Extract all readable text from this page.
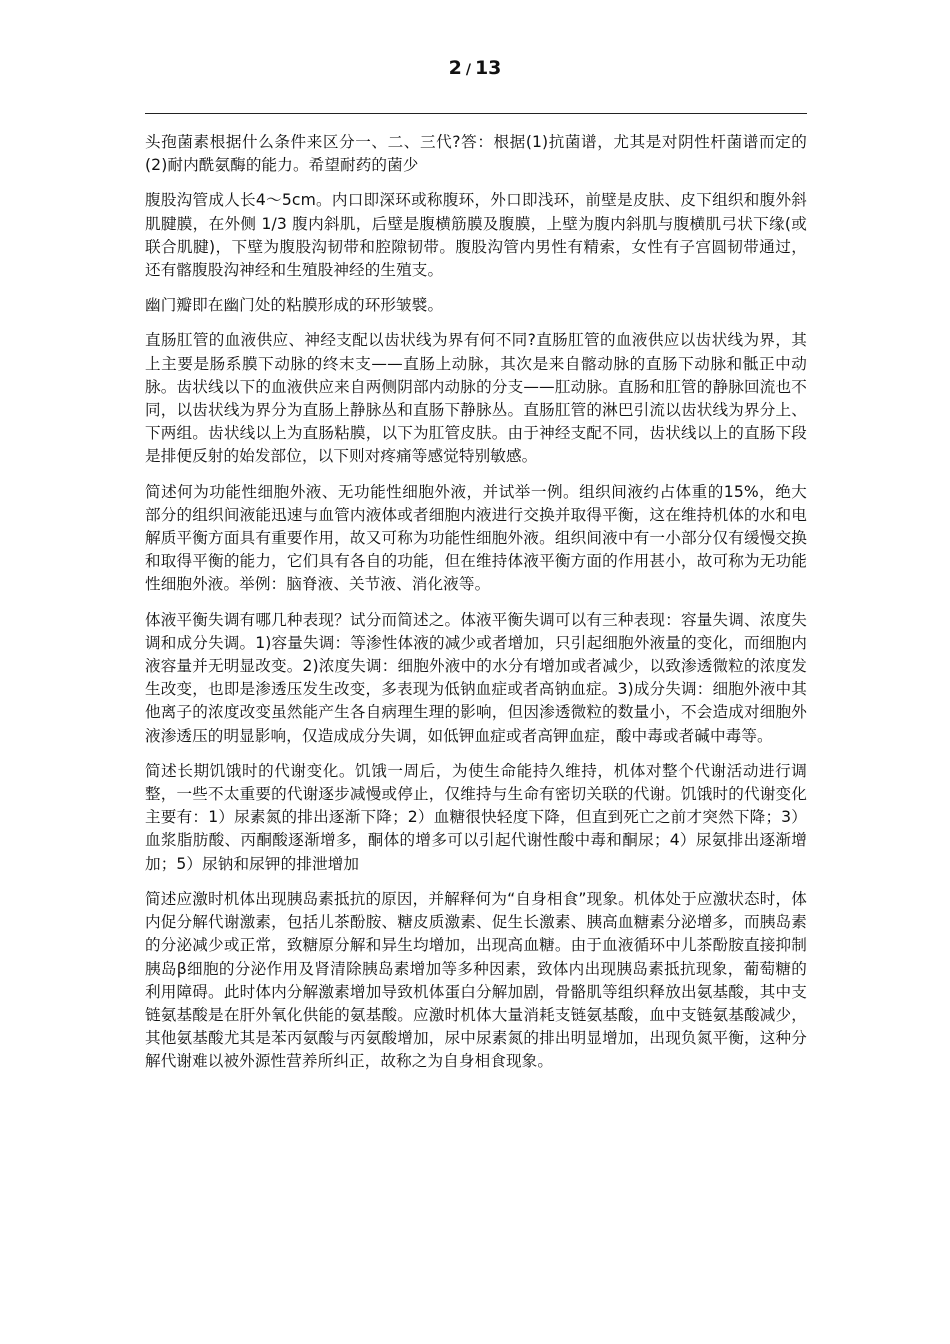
2 / 13

头孢菌素根据什么条件来区分一、二、三代?答：根据(1)抗菌谱，尤其是对阴性杆菌谱而定的(2)耐内酰氨酶的能力。希望耐药的菌少

腹股沟管成人长4～5cm。内口即深环或称腹环，外口即浅环，前壁是皮肤、皮下组织和腹外斜肌腱膜，在外侧 1/3 腹内斜肌，后壁是腹横筋膜及腹膜，上壁为腹内斜肌与腹横肌弓状下缘(或联合肌腱)，下壁为腹股沟韧带和腔隙韧带。腹股沟管内男性有精索，女性有子宫圆韧带通过，还有髂腹股沟神经和生殖股神经的生殖支。

幽门瓣即在幽门处的粘膜形成的环形皱襞。

直肠肛管的血液供应、神经支配以齿状线为界有何不同?直肠肛管的血液供应以齿状线为界，其上主要是肠系膜下动脉的终末支——直肠上动脉，其次是来自髂动脉的直肠下动脉和骶正中动脉。齿状线以下的血液供应来自两侧阴部内动脉的分支——肛动脉。直肠和肛管的静脉回流也不同，以齿状线为界分为直肠上静脉丛和直肠下静脉丛。直肠肛管的淋巴引流以齿状线为界分上、下两组。齿状线以上为直肠粘膜，以下为肛管皮肤。由于神经支配不同，齿状线以上的直肠下段是排便反射的始发部位，以下则对疼痛等感觉特别敏感。

简述何为功能性细胞外液、无功能性细胞外液，并试举一例。组织间液约占体重的15%，绝大部分的组织间液能迅速与血管内液体或者细胞内液进行交换并取得平衡，这在维持机体的水和电解质平衡方面具有重要作用，故又可称为功能性细胞外液。组织间液中有一小部分仅有缓慢交换和取得平衡的能力，它们具有各自的功能，但在维持体液平衡方面的作用甚小，故可称为无功能性细胞外液。举例：脑脊液、关节液、消化液等。

体液平衡失调有哪几种表现？试分而简述之。体液平衡失调可以有三种表现：容量失调、浓度失调和成分失调。1)容量失调：等渗性体液的减少或者增加，只引起细胞外液量的变化，而细胞内液容量并无明显改变。2)浓度失调：细胞外液中的水分有增加或者减少，以致渗透微粒的浓度发生改变，也即是渗透压发生改变，多表现为低钠血症或者高钠血症。3)成分失调：细胞外液中其他离子的浓度改变虽然能产生各自病理生理的影响，但因渗透微粒的数量小，不会造成对细胞外液渗透压的明显影响，仅造成成分失调，如低钾血症或者高钾血症，酸中毒或者碱中毒等。

简述长期饥饿时的代谢变化。饥饿一周后，为使生命能持久维持，机体对整个代谢活动进行调整，一些不太重要的代谢逐步减慢或停止，仅维持与生命有密切关联的代谢。饥饿时的代谢变化主要有：1）尿素氮的排出逐渐下降；2）血糖很快轻度下降，但直到死亡之前才突然下降；3）血浆脂肪酸、丙酮酸逐渐增多，酮体的增多可以引起代谢性酸中毒和酮尿；4）尿氨排出逐渐增加；5）尿钠和尿钾的排泄增加

简述应激时机体出现胰岛素抵抗的原因，并解释何为“自身相食”现象。机体处于应激状态时，体内促分解代谢激素，包括儿茶酚胺、糖皮质激素、促生长激素、胰高血糖素分泌增多，而胰岛素的分泌减少或正常，致糖原分解和异生均增加，出现高血糖。由于血液循环中儿茶酚胺直接抑制胰岛β细胞的分泌作用及肾清除胰岛素增加等多种因素，致体内出现胰岛素抵抗现象，葡萄糖的利用障碍。此时体内分解激素增加导致机体蛋白分解加剧，骨骼肌等组织释放出氨基酸，其中支链氨基酸是在肝外氧化供能的氨基酸。应激时机体大量消耗支链氨基酸，血中支链氨基酸减少，其他氨基酸尤其是苯丙氨酸与丙氨酸增加，尿中尿素氮的排出明显增加，出现负氮平衡，这种分解代谢难以被外源性营养所纠正，故称之为自身相食现象。
